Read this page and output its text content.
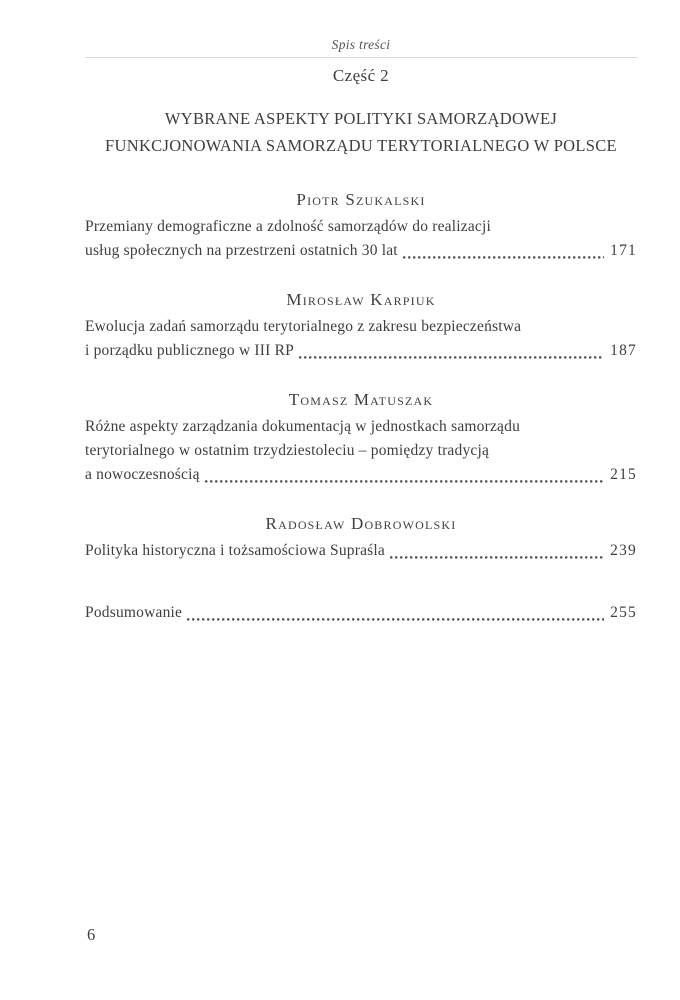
Spis treści
Część 2
WYBRANE ASPEKTY POLITYKI SAMORZĄDOWEJ FUNKCJONOWANIA SAMORZĄDU TERYTORIALNEGO W POLSCE
Piotr Szukalski
Przemiany demograficzne a zdolność samorządów do realizacji
usług społecznych na przestrzeni ostatnich 30 lat	171
Mirosław Karpiuk
Ewolucja zadań samorządu terytorialnego z zakresu bezpieczeństwa
i porządku publicznego w III RP	187
Tomasz Matuszak
Różne aspekty zarządzania dokumentacją w jednostkach samorządu
terytorialnego w ostatnim trzydziestoleciu – pomiędzy tradycją
a nowoczesnością	215
Radosław Dobrowolski
Polityka historyczna i tożsamościowa Supraśla	239
Podsumowanie	255
6
